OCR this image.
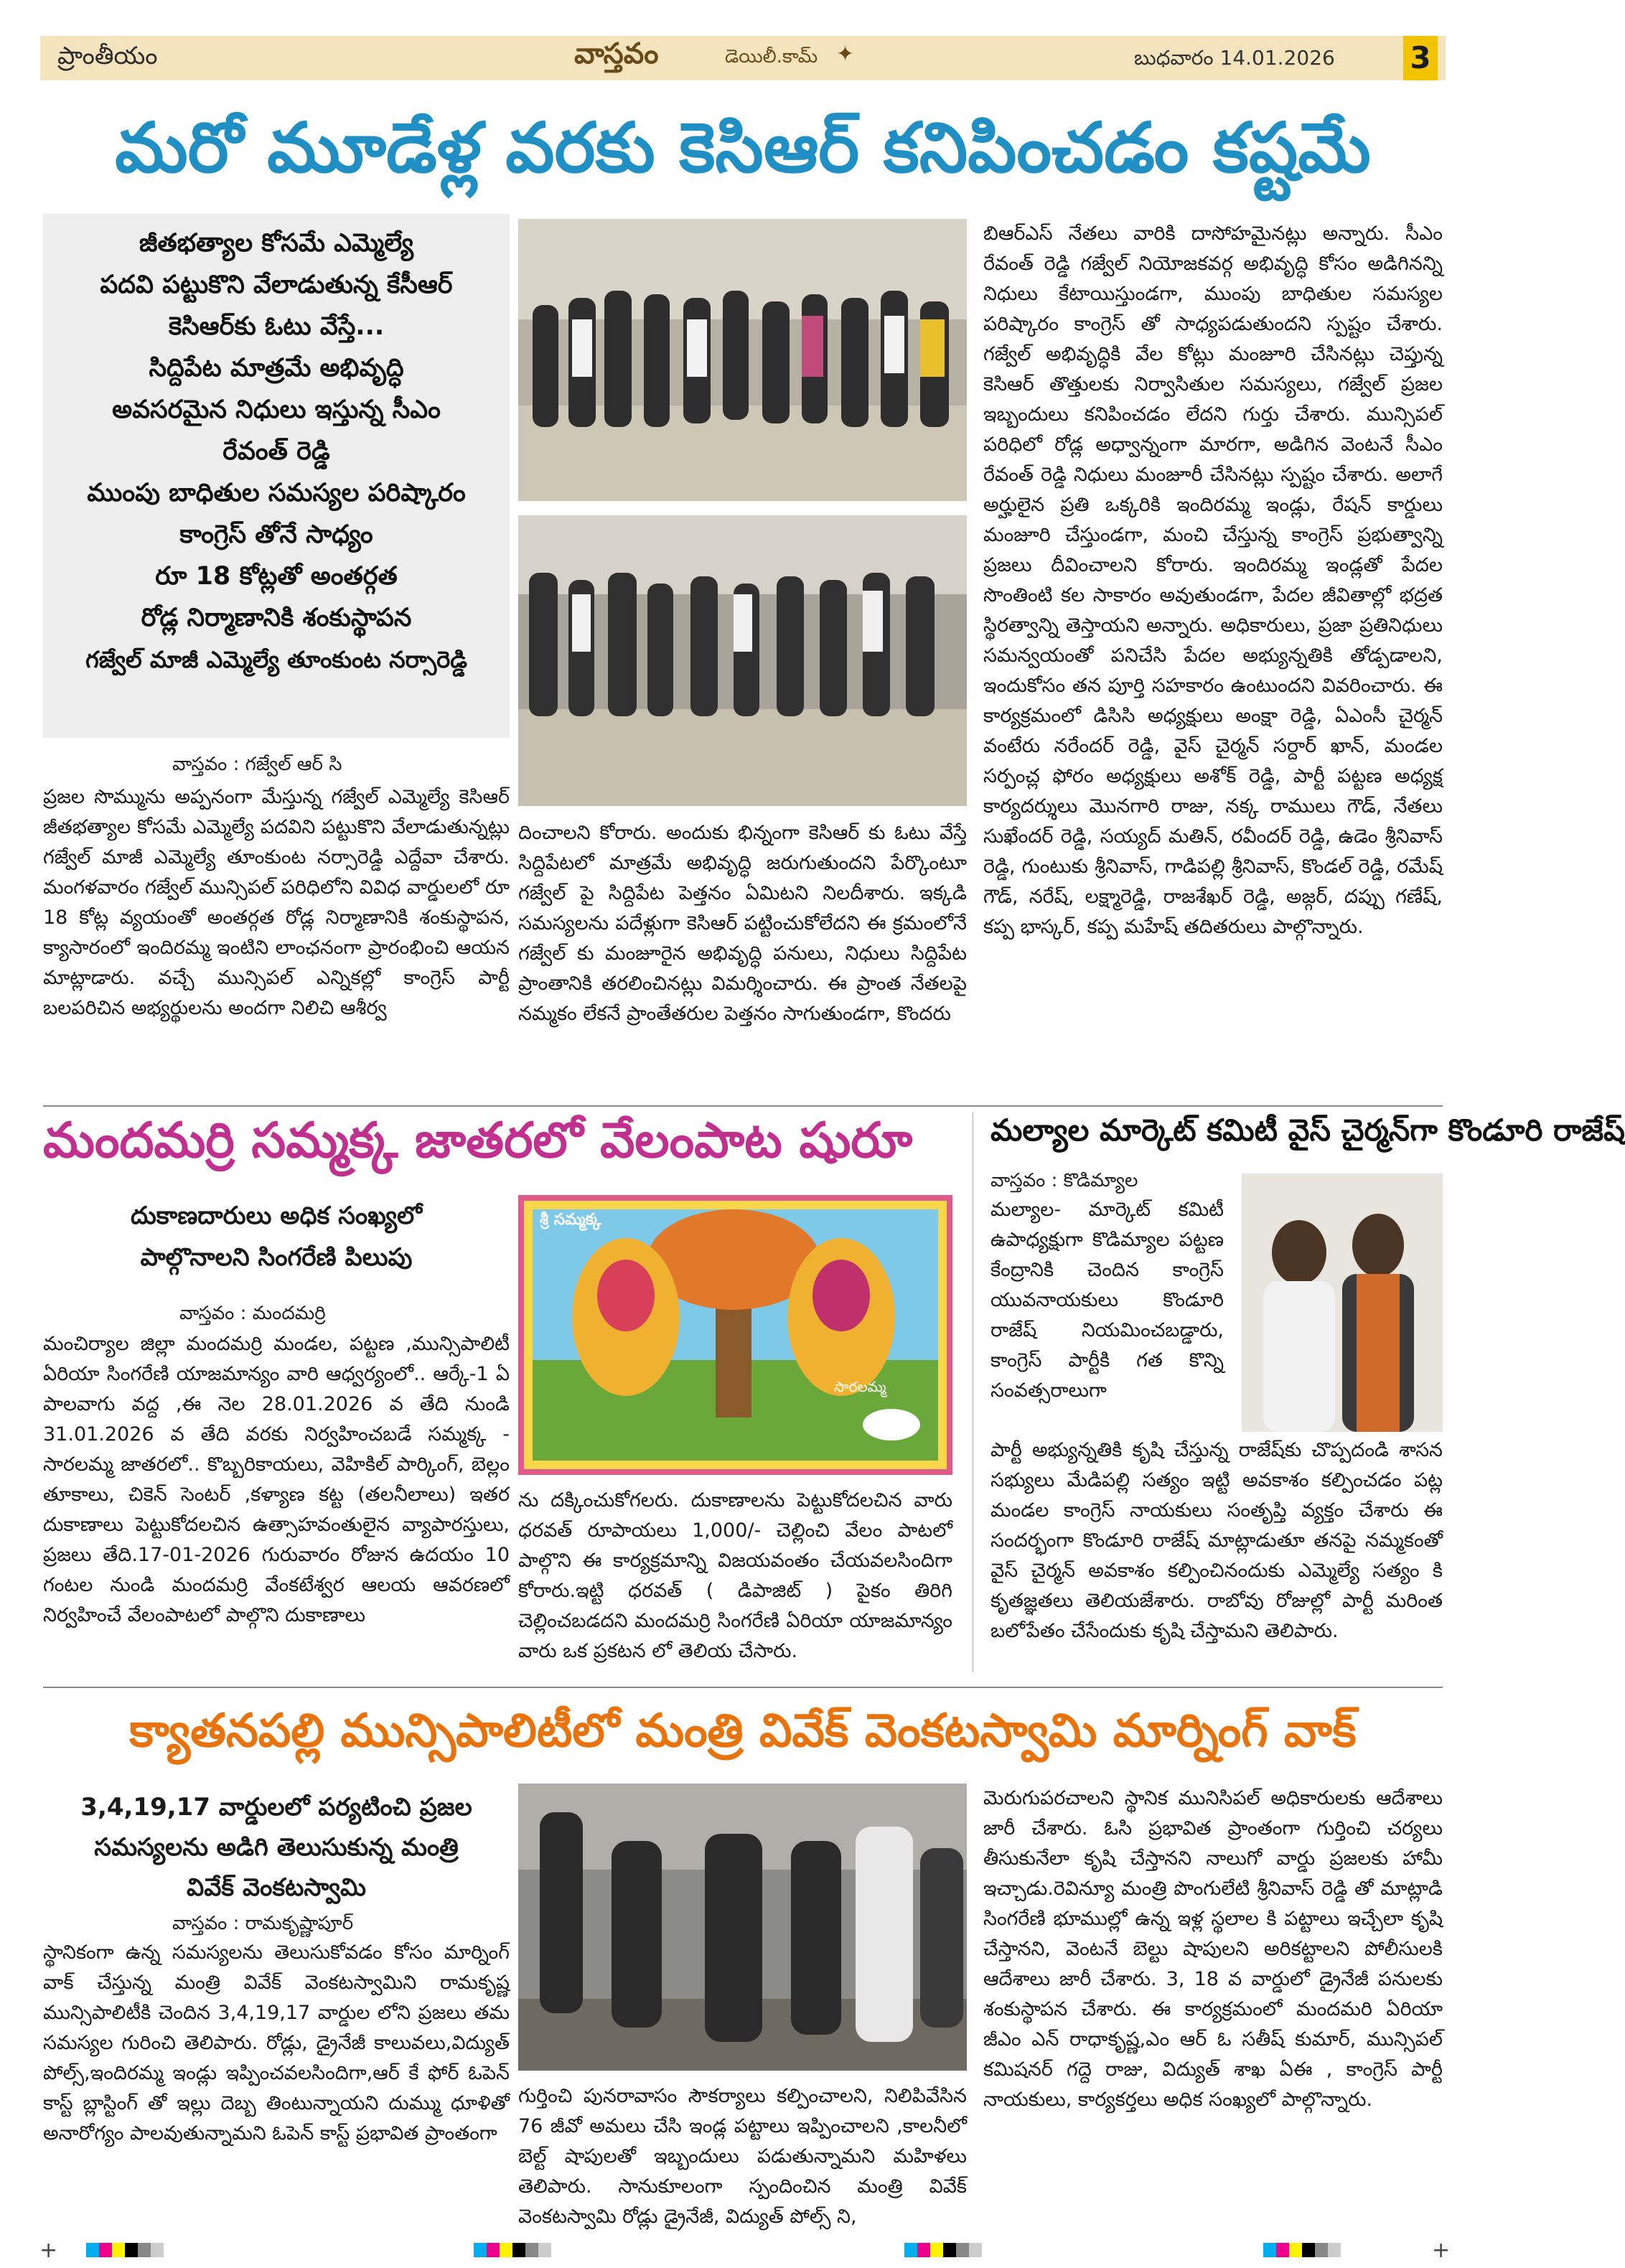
ప్రాంతీయం	వాస్తవం	డెయిలీ.కామ్ ✦	బుధవారం 14.01.2026 3
మరో మూడేళ్ల వరకు కెసిఆర్ కనిపించడం కష్టమే
జీతభత్యాల కోసమే ఎమ్మెల్యే
పదవి పట్టుకొని వేలాడుతున్న కేసీఆర్
కెసిఆర్‌కు ఓటు వేస్తే...
సిద్దిపేట మాత్రమే అభివృద్ధి
అవసరమైన నిధులు ఇస్తున్న సీఎం
రేవంత్ రెడ్డి
ముంపు బాధితుల సమస్యల పరిష్కారం
కాంగ్రెస్ తోనే సాధ్యం
రూ 18 కోట్లతో అంతర్గత
రోడ్ల నిర్మాణానికి శంకుస్థాపన
గజ్వేల్ మాజీ ఎమ్మెల్యే తూంకుంట నర్సారెడ్డి
వాస్తవం : గజ్వేల్ ఆర్ సి
ప్రజల సొమ్మును అప్పనంగా మేస్తున్న గజ్వేల్ ఎమ్మెల్యే కెసిఆర్ జీతభత్యాల కోసమే ఎమ్మెల్యే పదవిని పట్టుకొని వేలాడుతున్నట్లు గజ్వేల్ మాజీ ఎమ్మెల్యే తూంకుంట నర్సారెడ్డి ఎద్దేవా చేశారు. మంగళవారం గజ్వేల్ మున్సిపల్ పరిధిలోని వివిధ వార్డులలో రూ 18 కోట్ల వ్యయంతో అంతర్గత రోడ్ల నిర్మాణానికి శంకుస్థాపన, క్యాసారంలో ఇందిరమ్మ ఇంటిని లాంఛనంగా ప్రారంభించి ఆయన మాట్లాడారు. వచ్చే మున్సిపల్ ఎన్నికల్లో కాంగ్రెస్ పార్టీ బలపరిచిన అభ్యర్థులను అందగా నిలిచి ఆశీర్వ
దించాలని కోరారు. అందుకు భిన్నంగా కెసిఆర్ కు ఓటు వేస్తే సిద్దిపేటలో మాత్రమే అభివృద్ధి జరుగుతుందని పేర్కొంటూ గజ్వేల్ పై సిద్దిపేట పెత్తనం ఏమిటని నిలదీశారు. ఇక్కడి సమస్యలను పదేళ్లుగా కెసిఆర్ పట్టించుకోలేదని ఈ క్రమంలోనే గజ్వేల్ కు మంజూరైన అభివృద్ధి పనులు, నిధులు సిద్దిపేట ప్రాంతానికి తరలించినట్లు విమర్శించారు. ఈ ప్రాంత నేతలపై నమ్మకం లేకనే ప్రాంతేతరుల పెత్తనం సాగుతుండగా, కొందరు
బిఆర్ఎస్ నేతలు వారికి దాసోహమైనట్లు అన్నారు. సీఎం రేవంత్ రెడ్డి గజ్వేల్ నియోజకవర్గ అభివృద్ధి కోసం అడిగినన్ని నిధులు కేటాయిస్తుండగా, ముంపు బాధితుల సమస్యల పరిష్కారం కాంగ్రెస్ తో సాధ్యపడుతుందని స్పష్టం చేశారు. గజ్వేల్ అభివృద్ధికి వేల కోట్లు మంజూరి చేసినట్లు చెప్తున్న కెసిఆర్ తొత్తులకు నిర్వాసితుల సమస్యలు, గజ్వేల్ ప్రజల ఇబ్బందులు కనిపించడం లేదని గుర్తు చేశారు. మున్సిపల్ పరిధిలో రోడ్ల అధ్వాన్నంగా మారగా, అడిగిన వెంటనే సీఎం రేవంత్ రెడ్డి నిధులు మంజూరీ చేసినట్లు స్పష్టం చేశారు. అలాగే అర్హులైన ప్రతి ఒక్కరికి ఇందిరమ్మ ఇండ్లు, రేషన్ కార్డులు మంజూరి చేస్తుండగా, మంచి చేస్తున్న కాంగ్రెస్ ప్రభుత్వాన్ని ప్రజలు దీవించాలని కోరారు. ఇందిరమ్మ ఇండ్లతో పేదల సొంతింటి కల సాకారం అవుతుండగా, పేదల జీవితాల్లో భద్రత స్థిరత్వాన్ని తెస్తాయని అన్నారు. అధికారులు, ప్రజా ప్రతినిధులు సమన్వయంతో పనిచేసి పేదల అభ్యున్నతికి తోడ్పడాలని, ఇందుకోసం తన పూర్తి సహకారం ఉంటుందని వివరించారు. ఈ కార్యక్రమంలో డిసిసి అధ్యక్షులు అంక్షా రెడ్డి, ఏఎంసీ చైర్మన్ వంటేరు నరేందర్ రెడ్డి, వైస్ చైర్మన్ సర్దార్ ఖాన్, మండల సర్పంచ్ల ఫోరం అధ్యక్షులు అశోక్ రెడ్డి, పార్టీ పట్టణ అధ్యక్ష కార్యదర్శులు మొనగారి రాజు, నక్క రాములు గౌడ్, నేతలు సుఖేందర్ రెడ్డి, సయ్యద్ మతిన్, రవీందర్ రెడ్డి, ఉడెం శ్రీనివాస్ రెడ్డి, గుంటుకు శ్రీనివాస్, గాడిపల్లి శ్రీనివాస్, కొండల్ రెడ్డి, రమేష్ గౌడ్, నరేష్, లక్ష్మారెడ్డి, రాజశేఖర్ రెడ్డి, అజ్గర్, దప్పు గణేష్, కప్ప భాస్కర్, కప్ప మహేష్ తదితరులు పాల్గొన్నారు.
మందమర్రి సమ్మక్క జాతరలో వేలంపాట షురూ
దుకాణదారులు అధిక సంఖ్యలో
పాల్గొనాలని సింగరేణి పిలుపు
వాస్తవం : మందమర్రి
మంచిర్యాల జిల్లా మందమర్రి మండల, పట్టణ ,మున్సిపాలిటీ ఏరియా సింగరేణి యాజమాన్యం వారి ఆధ్వర్యంలో.. ఆర్కే-1 ఏ పాలవాగు వద్ద ,ఈ నెల 28.01.2026 వ తేది నుండి 31.01.2026 వ తేది వరకు నిర్వహించబడే సమ్మక్క - సారలమ్మ జాతరలో.. కొబ్బరికాయలు, వెహికిల్ పార్కింగ్, బెల్లం తూకాలు, చికెన్ సెంటర్ ,కళ్యాణ కట్ట (తలనీలాలు) ఇతర దుకాణాలు పెట్టుకోదలచిన ఉత్సాహవంతులైన వ్యాపారస్తులు, ప్రజలు తేది.17-01-2026 గురువారం రోజున ఉదయం 10 గంటల నుండి మందమర్రి వేంకటేశ్వర ఆలయ ఆవరణలో నిర్వహించే వేలంపాటలో పాల్గొని దుకాణాలు
శ్రీ సమ్మక్క
సారలమ్మ
ను దక్కించుకోగలరు. దుకాణాలను పెట్టుకోదలచిన వారు ధరవత్ రూపాయలు 1,000/- చెల్లించి వేలం పాటలో పాల్గొని ఈ కార్యక్రమాన్ని విజయవంతం చేయవలసిందిగా కోరారు.ఇట్టి ధరవత్ ( డిపాజిట్ ) పైకం తిరిగి చెల్లించబడదని మందమర్రి సింగరేణి ఏరియా యాజమాన్యం వారు ఒక ప్రకటన లో తెలియ చేసారు.
మల్యాల మార్కెట్ కమిటీ వైస్ చైర్మన్‌గా కొండూరి రాజేష్
వాస్తవం : కొడిమ్యాల
మల్యాల- మార్కెట్ కమిటీ ఉపాధ్యక్షుగా కొడిమ్యాల పట్టణ కేంద్రానికి చెందిన కాంగ్రెస్ యువనాయకులు కొండూరి రాజేష్ నియమించబడ్డారు, కాంగ్రెస్ పార్టీకి గత కొన్ని సంవత్సరాలుగా
పార్టీ అభ్యున్నతికి కృషి చేస్తున్న రాజేష్‌కు చొప్పదండి శాసన సభ్యులు మేడిపల్లి సత్యం ఇట్టి అవకాశం కల్పించడం పట్ల మండల కాంగ్రెస్ నాయకులు సంతృప్తి వ్యక్తం చేశారు ఈ సందర్భంగా కొండూరి రాజేష్ మాట్లాడుతూ తనపై నమ్మకంతో వైస్ చైర్మన్ అవకాశం కల్పించినందుకు ఎమ్మెల్యే సత్యం కి కృతజ్ఞతలు తెలియజేశారు. రాబోవు రోజుల్లో పార్టీ మరింత బలోపేతం చేసేందుకు కృషి చేస్తామని తెలిపారు.
క్యాతనపల్లి మున్సిపాలిటీలో మంత్రి వివేక్ వెంకటస్వామి మార్నింగ్ వాక్
3,4,19,17 వార్డులలో పర్యటించి ప్రజల
సమస్యలను అడిగి తెలుసుకున్న మంత్రి
వివేక్ వెంకటస్వామి
వాస్తవం : రామకృష్ణాపూర్
స్థానికంగా ఉన్న సమస్యలను తెలుసుకోవడం కోసం మార్నింగ్ వాక్ చేస్తున్న మంత్రి వివేక్ వెంకటస్వామిని రామకృష్ణ మున్సిపాలిటీకి చెందిన 3,4,19,17 వార్డుల లోని ప్రజలు తమ సమస్యల గురించి తెలిపారు. రోడ్లు, డ్రైనేజీ కాలువలు,విద్యుత్ పోల్స్,ఇందిరమ్మ ఇండ్లు ఇప్పించవలసిందిగా,ఆర్ కే ఫోర్ ఓపెన్ కాస్ట్ బ్లాస్టింగ్ తో ఇల్లు దెబ్బ తింటున్నాయని దుమ్ము ధూళితో అనారోగ్యం పాలవుతున్నామని ఓపెన్ కాస్ట్ ప్రభావిత ప్రాంతంగా
గుర్తించి పునరావాసం సౌకర్యాలు కల్పించాలని, నిలిపివేసిన 76 జీవో అమలు చేసి ఇండ్ల పట్టాలు ఇప్పించాలని ,కాలనీలో బెల్ట్ షాపులతో ఇబ్బందులు పడుతున్నామని మహిళలు తెలిపారు. సానుకూలంగా స్పందించిన మంత్రి వివేక్ వెంకటస్వామి రోడ్లు డ్రైనేజీ, విద్యుత్ పోల్స్ ని,
మెరుగుపరచాలని స్థానిక మునిసిపల్ అధికారులకు ఆదేశాలు జారీ చేశారు. ఓసి ప్రభావిత ప్రాంతంగా గుర్తించి చర్యలు తీసుకునేలా కృషి చేస్తానని నాలుగో వార్డు ప్రజలకు హామీ ఇచ్చాడు.రెవిన్యూ మంత్రి పొంగులేటి శ్రీనివాస్ రెడ్డి తో మాట్లాడి సింగరేణి భూముల్లో ఉన్న ఇళ్ల స్థలాల కి పట్టాలు ఇచ్చేలా కృషి చేస్తానని, వెంటనే బెల్టు షాపులని అరికట్టాలని పోలీసులకి ఆదేశాలు జారీ చేశారు. 3, 18 వ వార్డులో డ్రైనేజీ పనులకు శంకుస్థాపన చేశారు. ఈ కార్యక్రమంలో మందమరి ఏరియా జీఎం ఎన్ రాధాకృష్ణ,ఎం ఆర్ ఓ సతీష్ కుమార్, మున్సిపల్ కమిషనర్ గద్దె రాజు, విద్యుత్ శాఖ ఏఈ , కాంగ్రెస్ పార్టీ నాయకులు, కార్యకర్తలు అధిక సంఖ్యలో పాల్గొన్నారు.
+	+
